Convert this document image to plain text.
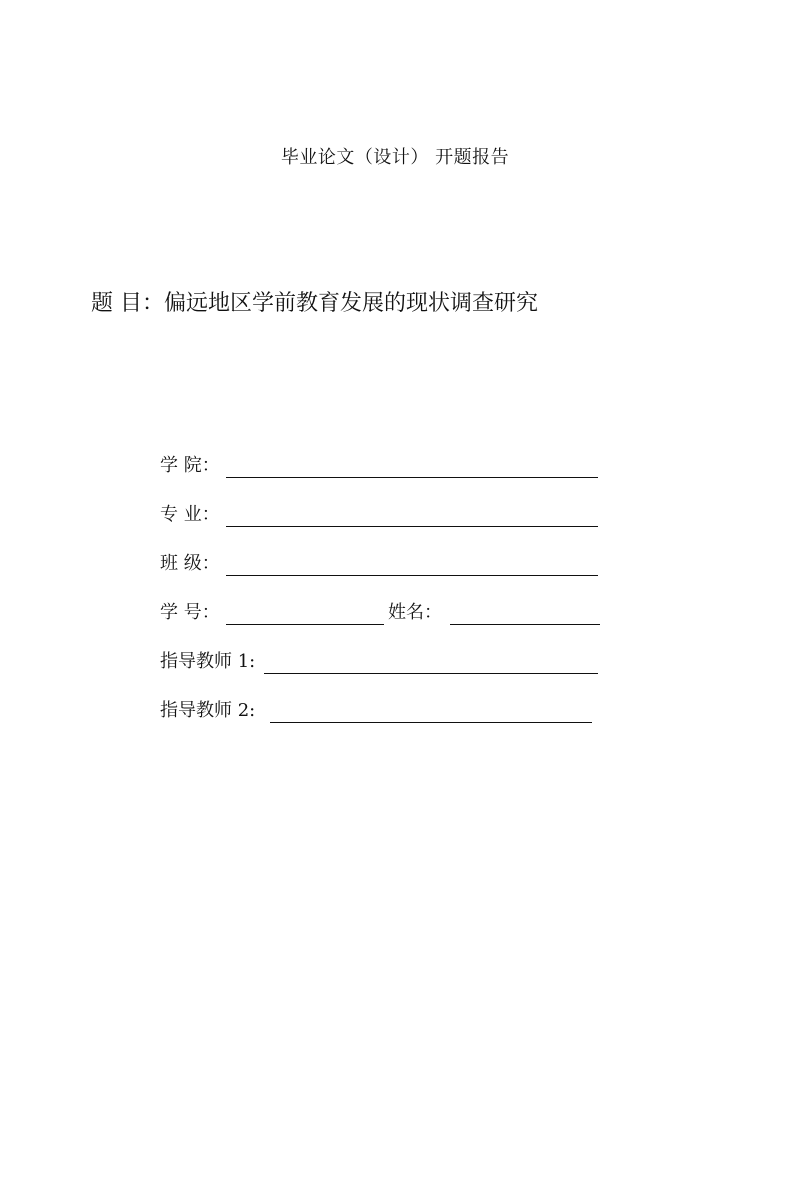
毕业论文（设计） 开题报告
题 目：偏远地区学前教育发展的现状调查研究
学 院：
专 业：
班 级：
学 号：	姓名：
指导教师 1:
指导教师 2:
